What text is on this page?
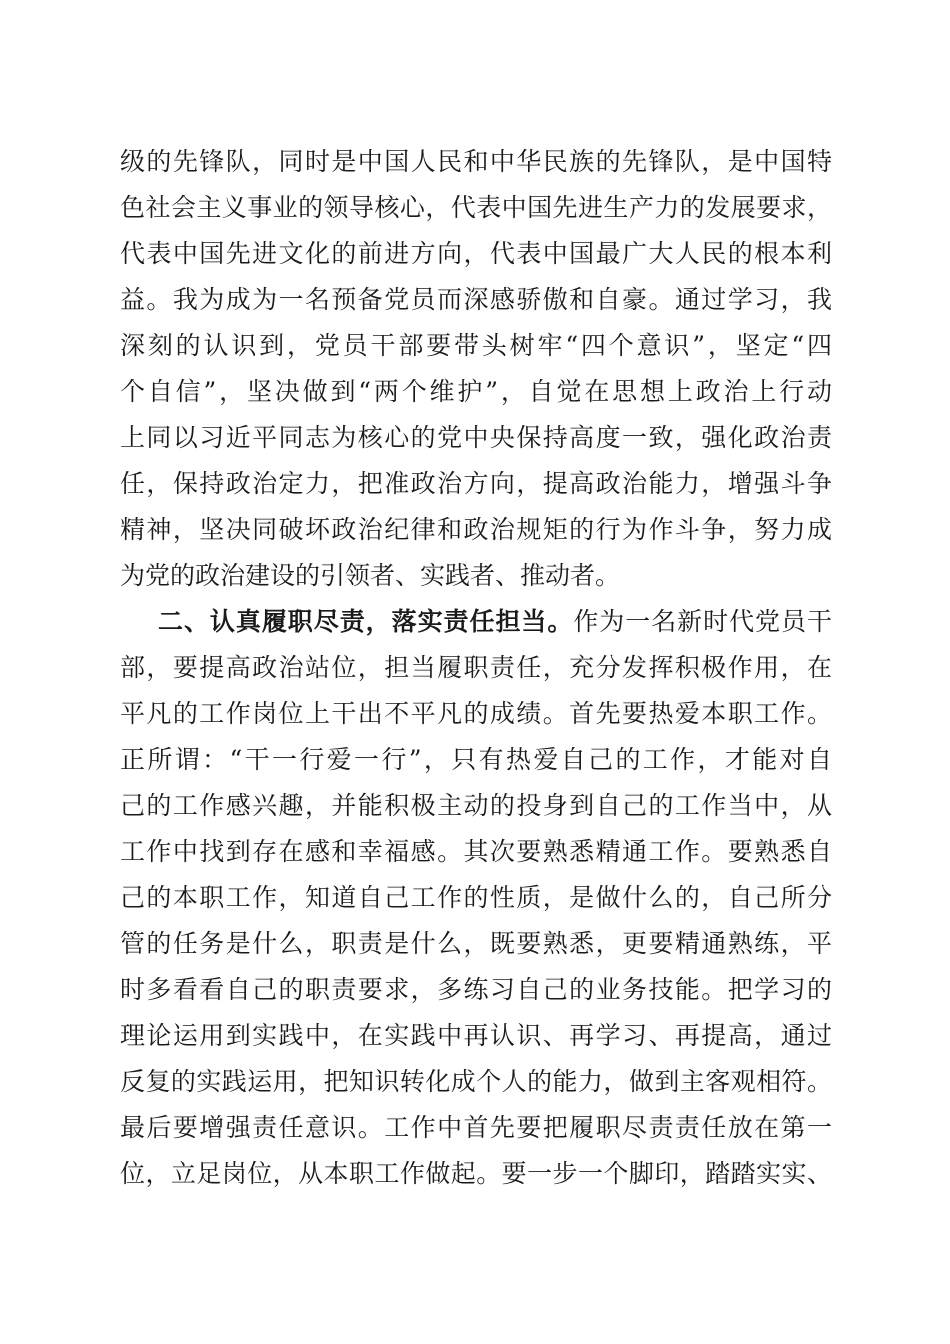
级的先锋队，同时是中国人民和中华民族的先锋队，是中国特
色社会主义事业的领导核心，代表中国先进生产力的发展要求，
代表中国先进文化的前进方向，代表中国最广大人民的根本利
益。我为成为一名预备党员而深感骄傲和自豪。通过学习，我
深刻的认识到，党员干部要带头树牢“四个意识”，坚定“四
个自信”，坚决做到“两个维护”，自觉在思想上政治上行动
上同以习近平同志为核心的党中央保持高度一致，强化政治责
任，保持政治定力，把准政治方向，提高政治能力，增强斗争
精神，坚决同破坏政治纪律和政治规矩的行为作斗争，努力成
为党的政治建设的引领者、实践者、推动者。
二、认真履职尽责，落实责任担当。作为一名新时代党员干
部，要提高政治站位，担当履职责任，充分发挥积极作用，在
平凡的工作岗位上干出不平凡的成绩。首先要热爱本职工作。
正所谓：“干一行爱一行”，只有热爱自己的工作，才能对自
己的工作感兴趣，并能积极主动的投身到自己的工作当中，从
工作中找到存在感和幸福感。其次要熟悉精通工作。要熟悉自
己的本职工作，知道自己工作的性质，是做什么的，自己所分
管的任务是什么，职责是什么，既要熟悉，更要精通熟练，平
时多看看自己的职责要求，多练习自己的业务技能。把学习的
理论运用到实践中，在实践中再认识、再学习、再提高，通过
反复的实践运用，把知识转化成个人的能力，做到主客观相符。
最后要增强责任意识。工作中首先要把履职尽责责任放在第一
位，立足岗位，从本职工作做起。要一步一个脚印，踏踏实实、
